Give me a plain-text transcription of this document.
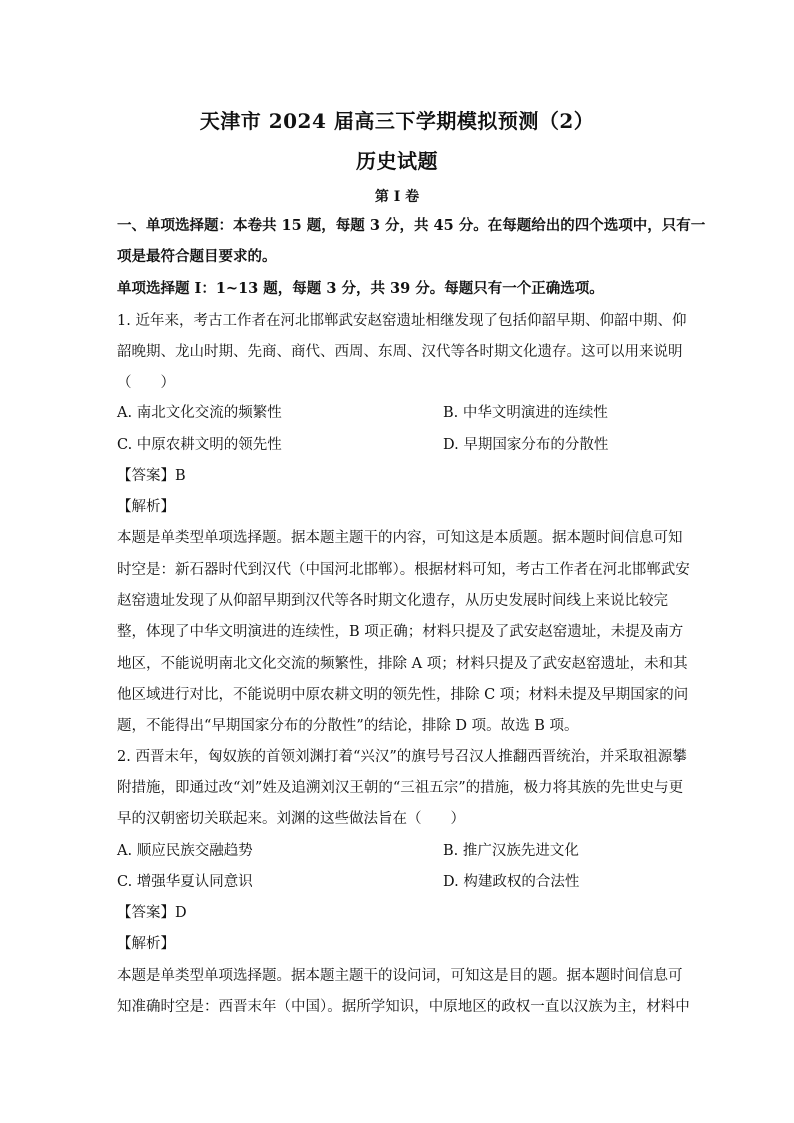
天津市 2024 届高三下学期模拟预测（2）
历史试题
第 I 卷
一、单项选择题：本卷共 15 题，每题 3 分，共 45 分。在每题给出的四个选项中，只有一
项是最符合题目要求的。
单项选择题 I：1~13 题，每题 3 分，共 39 分。每题只有一个正确选项。
1. 近年来，考古工作者在河北邯郸武安赵窑遗址相继发现了包括仰韶早期、仰韶中期、仰
韶晚期、龙山时期、先商、商代、西周、东周、汉代等各时期文化遗存。这可以用来说明
（　　）
A. 南北文化交流的频繁性	B. 中华文明演进的连续性
C. 中原农耕文明的领先性	D. 早期国家分布的分散性
【答案】B
【解析】
本题是单类型单项选择题。据本题主题干的内容，可知这是本质题。据本题时间信息可知
时空是：新石器时代到汉代（中国河北邯郸）。根据材料可知，考古工作者在河北邯郸武安
赵窑遗址发现了从仰韶早期到汉代等各时期文化遗存，从历史发展时间线上来说比较完
整，体现了中华文明演进的连续性，B 项正确；材料只提及了武安赵窑遗址，未提及南方
地区，不能说明南北文化交流的频繁性，排除 A 项；材料只提及了武安赵窑遗址，未和其
他区域进行对比，不能说明中原农耕文明的领先性，排除 C 项；材料未提及早期国家的问
题，不能得出“早期国家分布的分散性”的结论，排除 D 项。故选 B 项。
2. 西晋末年，匈奴族的首领刘渊打着“兴汉”的旗号号召汉人推翻西晋统治，并采取祖源攀
附措施，即通过改“刘”姓及追溯刘汉王朝的“三祖五宗”的措施，极力将其族的先世史与更
早的汉朝密切关联起来。刘渊的这些做法旨在（　　）
A. 顺应民族交融趋势	B. 推广汉族先进文化
C. 增强华夏认同意识	D. 构建政权的合法性
【答案】D
【解析】
本题是单类型单项选择题。据本题主题干的设问词，可知这是目的题。据本题时间信息可
知准确时空是：西晋末年（中国）。据所学知识，中原地区的政权一直以汉族为主，材料中
